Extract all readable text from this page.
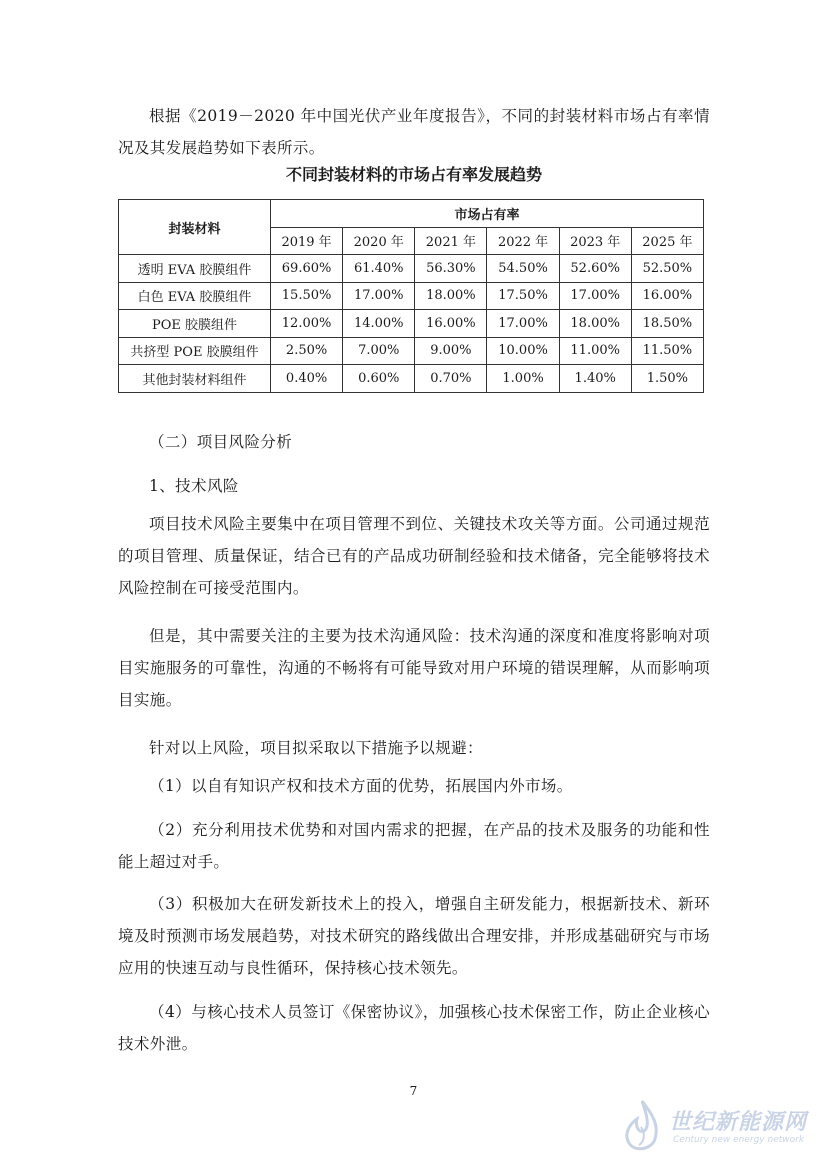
根据《2019－2020 年中国光伏产业年度报告》，不同的封装材料市场占有率情况及其发展趋势如下表所示。

不同封装材料的市场占有率发展趋势
封装材料	市场占有率					
	2019 年	2020 年	2021 年	2022 年	2023 年	2025 年
透明 EVA 胶膜组件	69.60%	61.40%	56.30%	54.50%	52.60%	52.50%
白色 EVA 胶膜组件	15.50%	17.00%	18.00%	17.50%	17.00%	16.00%
POE 胶膜组件	12.00%	14.00%	16.00%	17.00%	18.00%	18.50%
共挤型 POE 胶膜组件	2.50%	7.00%	9.00%	10.00%	11.00%	11.50%
其他封装材料组件	0.40%	0.60%	0.70%	1.00%	1.40%	1.50%

（二）项目风险分析

1、技术风险

项目技术风险主要集中在项目管理不到位、关键技术攻关等方面。公司通过规范的项目管理、质量保证，结合已有的产品成功研制经验和技术储备，完全能够将技术风险控制在可接受范围内。

但是，其中需要关注的主要为技术沟通风险：技术沟通的深度和准度将影响对项目实施服务的可靠性，沟通的不畅将有可能导致对用户环境的错误理解，从而影响项目实施。

针对以上风险，项目拟采取以下措施予以规避：

（1）以自有知识产权和技术方面的优势，拓展国内外市场。

（2）充分利用技术优势和对国内需求的把握，在产品的技术及服务的功能和性能上超过对手。

（3）积极加大在研发新技术上的投入，增强自主研发能力，根据新技术、新环境及时预测市场发展趋势，对技术研究的路线做出合理安排，并形成基础研究与市场应用的快速互动与良性循环，保持核心技术领先。

（4）与核心技术人员签订《保密协议》，加强核心技术保密工作，防止企业核心技术外泄。

7
世纪新能源网
Century new energy network
